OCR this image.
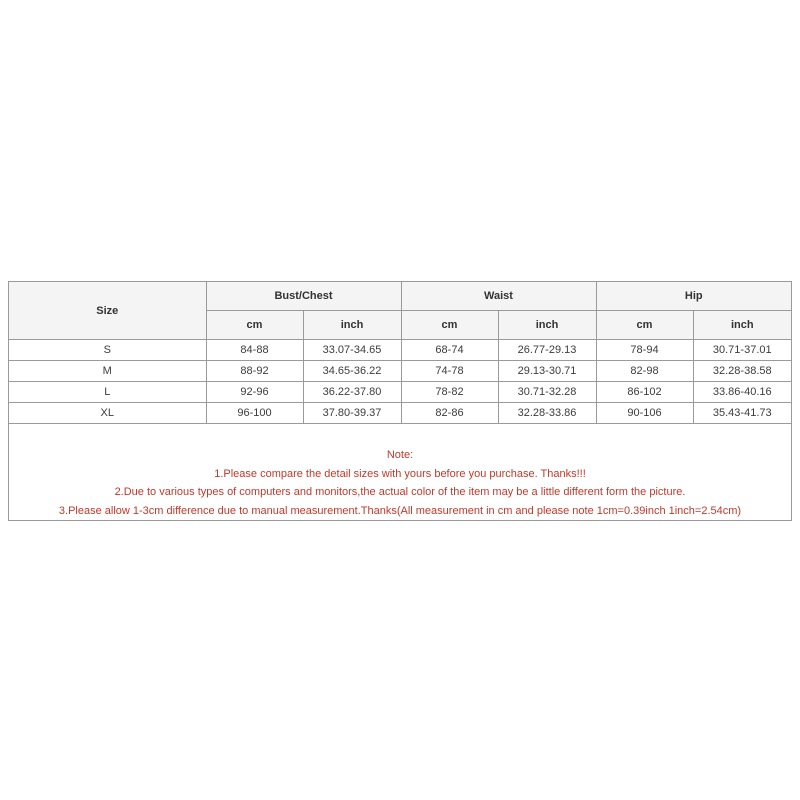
Size	Bust/Chest		Waist		Hip	
	cm	inch	cm	inch	cm	inch
S	84-88	33.07-34.65	68-74	26.77-29.13	78-94	30.71-37.01
M	88-92	34.65-36.22	74-78	29.13-30.71	82-98	32.28-38.58
L	92-96	36.22-37.80	78-82	30.71-32.28	86-102	33.86-40.16
XL	96-100	37.80-39.37	82-86	32.28-33.86	90-106	35.43-41.73
Note:
1.Please compare the detail sizes with yours before you purchase. Thanks!!!
2.Due to various types of computers and monitors,the actual color of the item may be a little different form the picture.
3.Please allow 1-3cm difference due to manual measurement.Thanks(All measurement in cm and please note 1cm=0.39inch 1inch=2.54cm)
